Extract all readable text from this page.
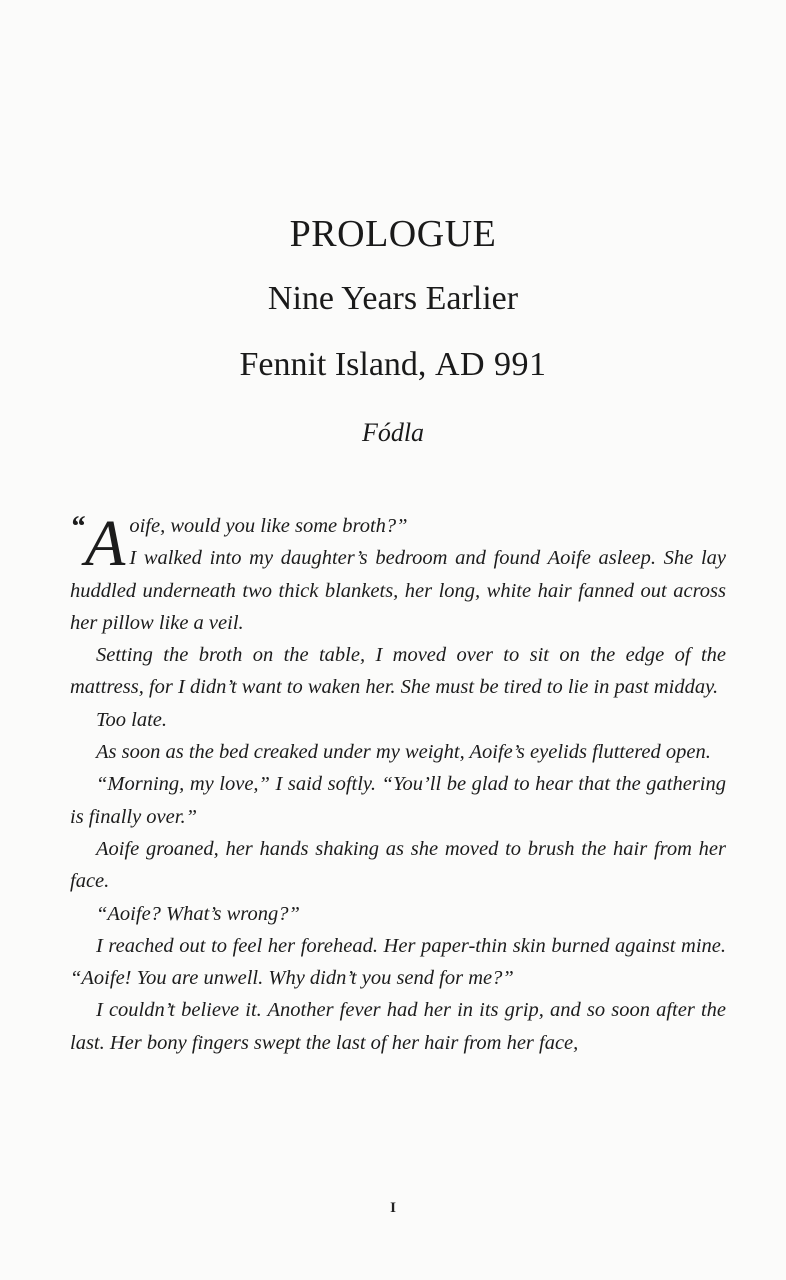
PROLOGUE
Nine Years Earlier
Fennit Island, AD 991
Fódla

“ A oife, would you like some broth?”
I walked into my daughter’s bedroom and found Aoife asleep. She lay huddled underneath two thick blankets, her long, white hair fanned out across her pillow like a veil.

Setting the broth on the table, I moved over to sit on the edge of the mattress, for I didn’t want to waken her. She must be tired to lie in past midday.

Too late.

As soon as the bed creaked under my weight, Aoife’s eyelids fluttered open.

“Morning, my love,” I said softly. “You’ll be glad to hear that the gathering is finally over.”

Aoife groaned, her hands shaking as she moved to brush the hair from her face.

“Aoife? What’s wrong?”

I reached out to feel her forehead. Her paper-thin skin burned against mine. “Aoife! You are unwell. Why didn’t you send for me?”

I couldn’t believe it. Another fever had her in its grip, and so soon after the last. Her bony fingers swept the last of her hair from her face,

I
